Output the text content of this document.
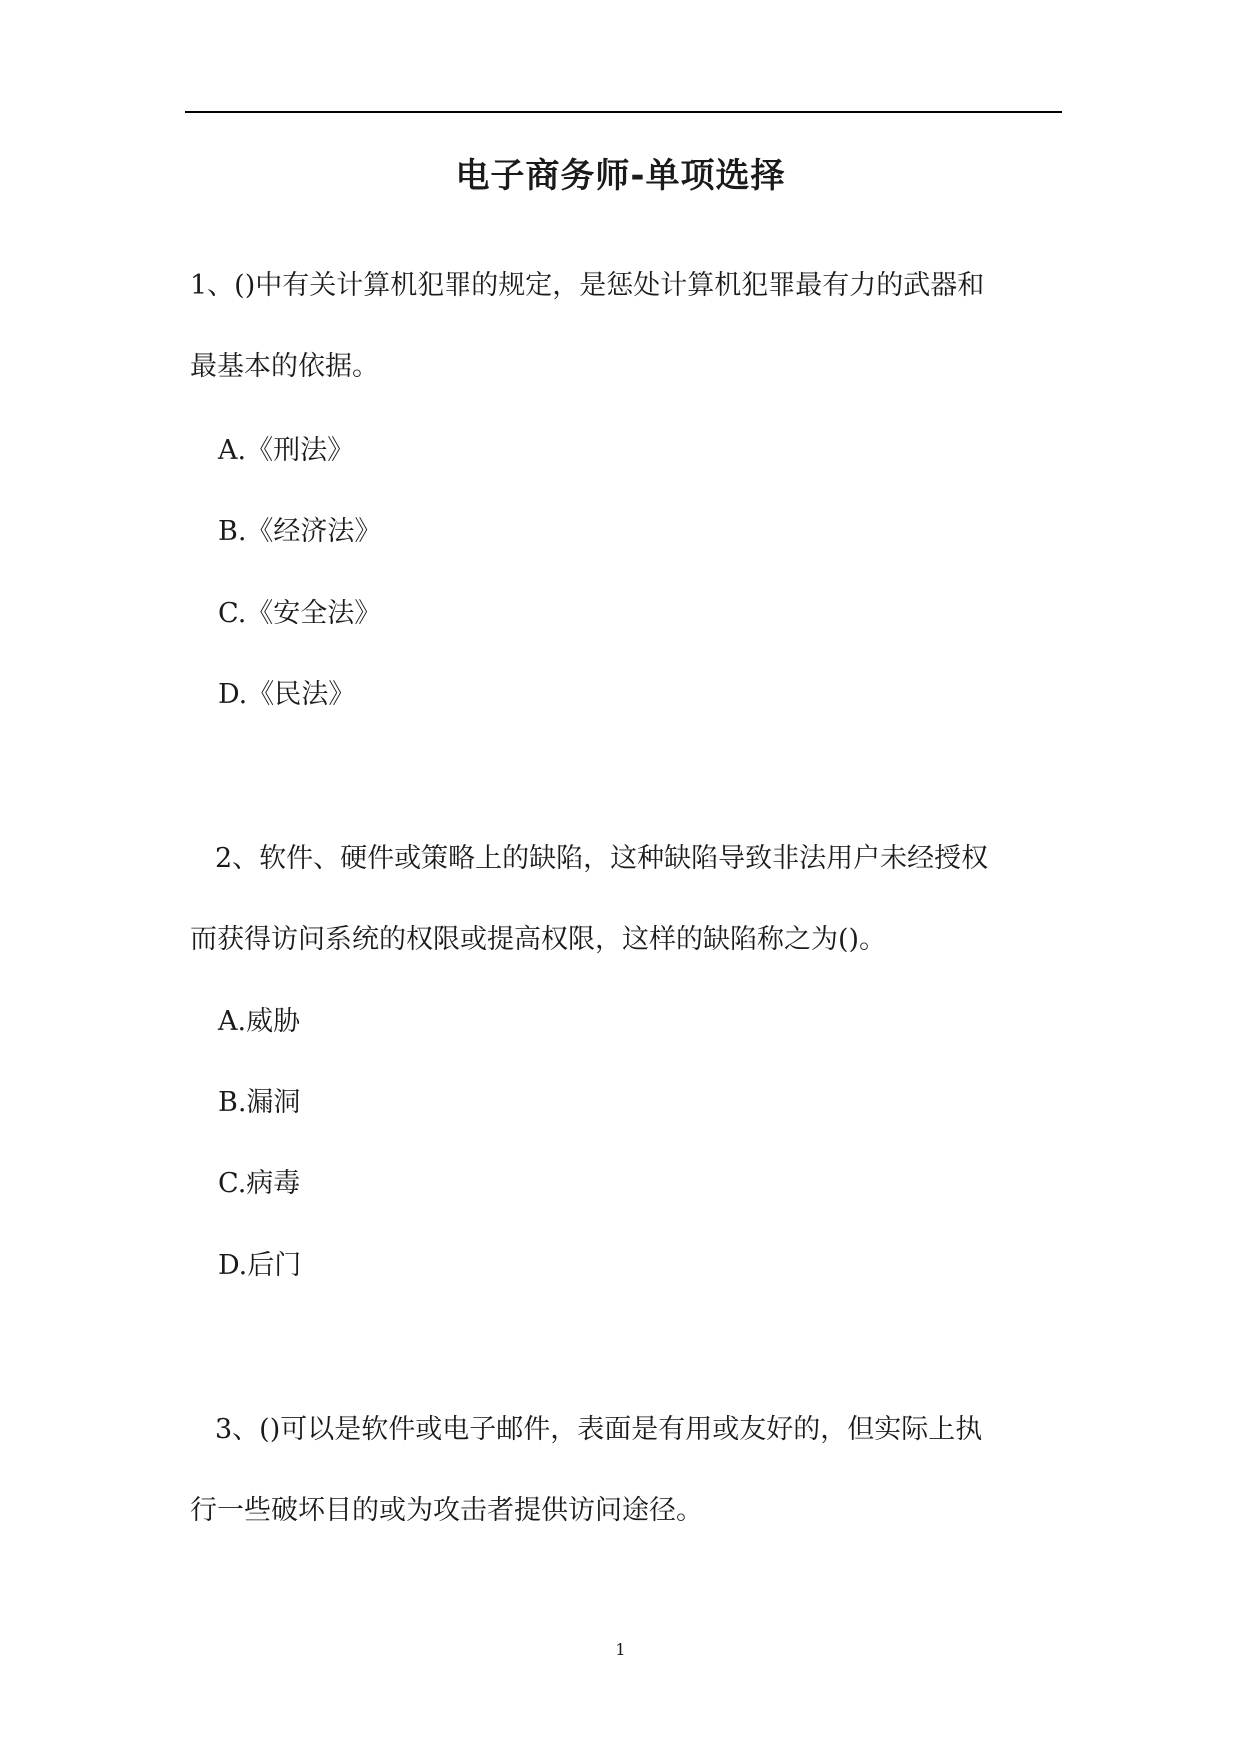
电子商务师-单项选择
1、()中有关计算机犯罪的规定，是惩处计算机犯罪最有力的武器和
最基本的依据。
A.《刑法》
B.《经济法》
C.《安全法》
D.《民法》
2、软件、硬件或策略上的缺陷，这种缺陷导致非法用户未经授权
而获得访问系统的权限或提高权限，这样的缺陷称之为()。
A.威胁
B.漏洞
C.病毒
D.后门
3、()可以是软件或电子邮件，表面是有用或友好的，但实际上执
行一些破坏目的或为攻击者提供访问途径。
1
